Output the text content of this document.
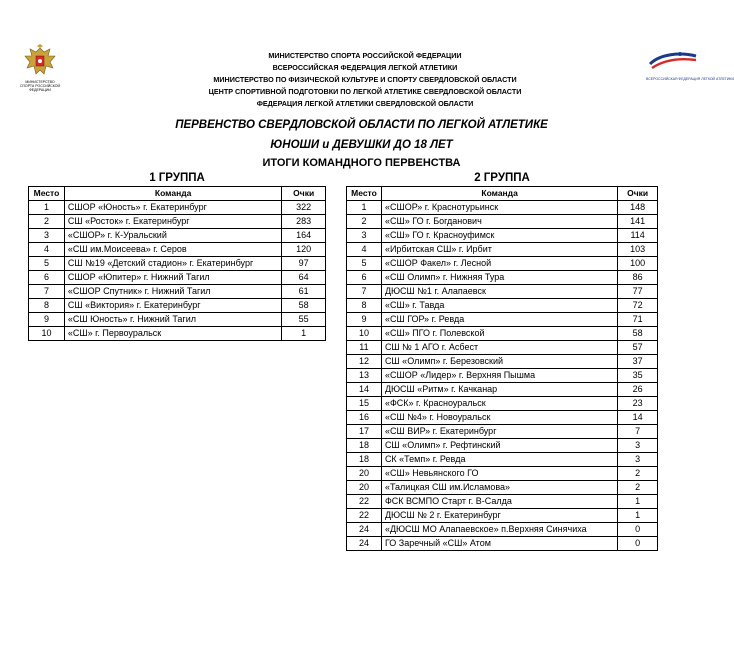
МИНИСТЕРСТВО СПОРТА РОССИЙСКОЙ ФЕДЕРАЦИИ
ВСЕРОССИЙСКАЯ ФЕДЕРАЦИЯ ЛЕГКОЙ АТЛЕТИКИ
МИНИСТЕРСТВО СПОРТА РОССИЙСКОЙ ФЕДЕРАЦИИ
ВСЕРОССИЙСКАЯ ФЕДЕРАЦИЯ ЛЕГКОЙ АТЛЕТИКИ
МИНИСТЕРСТВО ПО ФИЗИЧЕСКОЙ КУЛЬТУРЕ И СПОРТУ СВЕРДЛОВСКОЙ ОБЛАСТИ
ЦЕНТР СПОРТИВНОЙ ПОДГОТОВКИ ПО ЛЕГКОЙ АТЛЕТИКЕ СВЕРДЛОВСКОЙ ОБЛАСТИ
ФЕДЕРАЦИЯ ЛЕГКОЙ АТЛЕТИКИ СВЕРДЛОВСКОЙ ОБЛАСТИ
ПЕРВЕНСТВО СВЕРДЛОВСКОЙ ОБЛАСТИ ПО ЛЕГКОЙ АТЛЕТИКЕ
ЮНОШИ и ДЕВУШКИ ДО 18 ЛЕТ
ИТОГИ КОМАНДНОГО ПЕРВЕНСТВА
1 ГРУППА	2 ГРУППА
Место	Команда	Очки
1	СШОР «Юность» г. Екатеринбург	322
2	СШ «Росток» г. Екатеринбург	283
3	«СШОР» г. К-Уральский	164
4	«СШ им.Моисеева» г. Серов	120
5	СШ №19 «Детский стадион» г. Екатеринбург	97
6	СШОР «Юпитер» г. Нижний Тагил	64
7	«СШОР Спутник» г. Нижний Тагил	61
8	СШ «Виктория» г. Екатеринбург	58
9	«СШ Юность» г. Нижний Тагил	55
10	«СШ» г. Первоуральск	1
Место	Команда	Очки
1	«СШОР» г. Краснотурьинск	148
2	«СШ» ГО г. Богданович	141
3	«СШ» ГО г. Красноуфимск	114
4	«Ирбитская СШ» г. Ирбит	103
5	«СШОР Факел» г. Лесной	100
6	«СШ Олимп» г. Нижняя Тура	86
7	ДЮСШ №1 г. Алапаевск	77
8	«СШ» г. Тавда	72
9	«СШ ГОР» г. Ревда	71
10	«СШ» ПГО г. Полевской	58
11	СШ № 1 АГО г. Асбест	57
12	СШ «Олимп» г. Березовский	37
13	«СШОР «Лидер» г. Верхняя Пышма	35
14	ДЮСШ «Ритм» г. Качканар	26
15	«ФСК» г. Красноуральск	23
16	«СШ №4» г. Новоуральск	14
17	«СШ ВИР» г. Екатеринбург	7
18	СШ «Олимп» г. Рефтинский	3
18	СК «Темп» г. Ревда	3
20	«СШ» Невьянского ГО	2
20	«Талицкая СШ им.Исламова»	2
22	ФСК ВСМПО Старт г. В-Салда	1
22	ДЮСШ № 2 г. Екатеринбург	1
24	«ДЮСШ МО Алапаевское» п.Верхняя Синячиха	0
24	ГО Заречный «СШ» Атом	0
